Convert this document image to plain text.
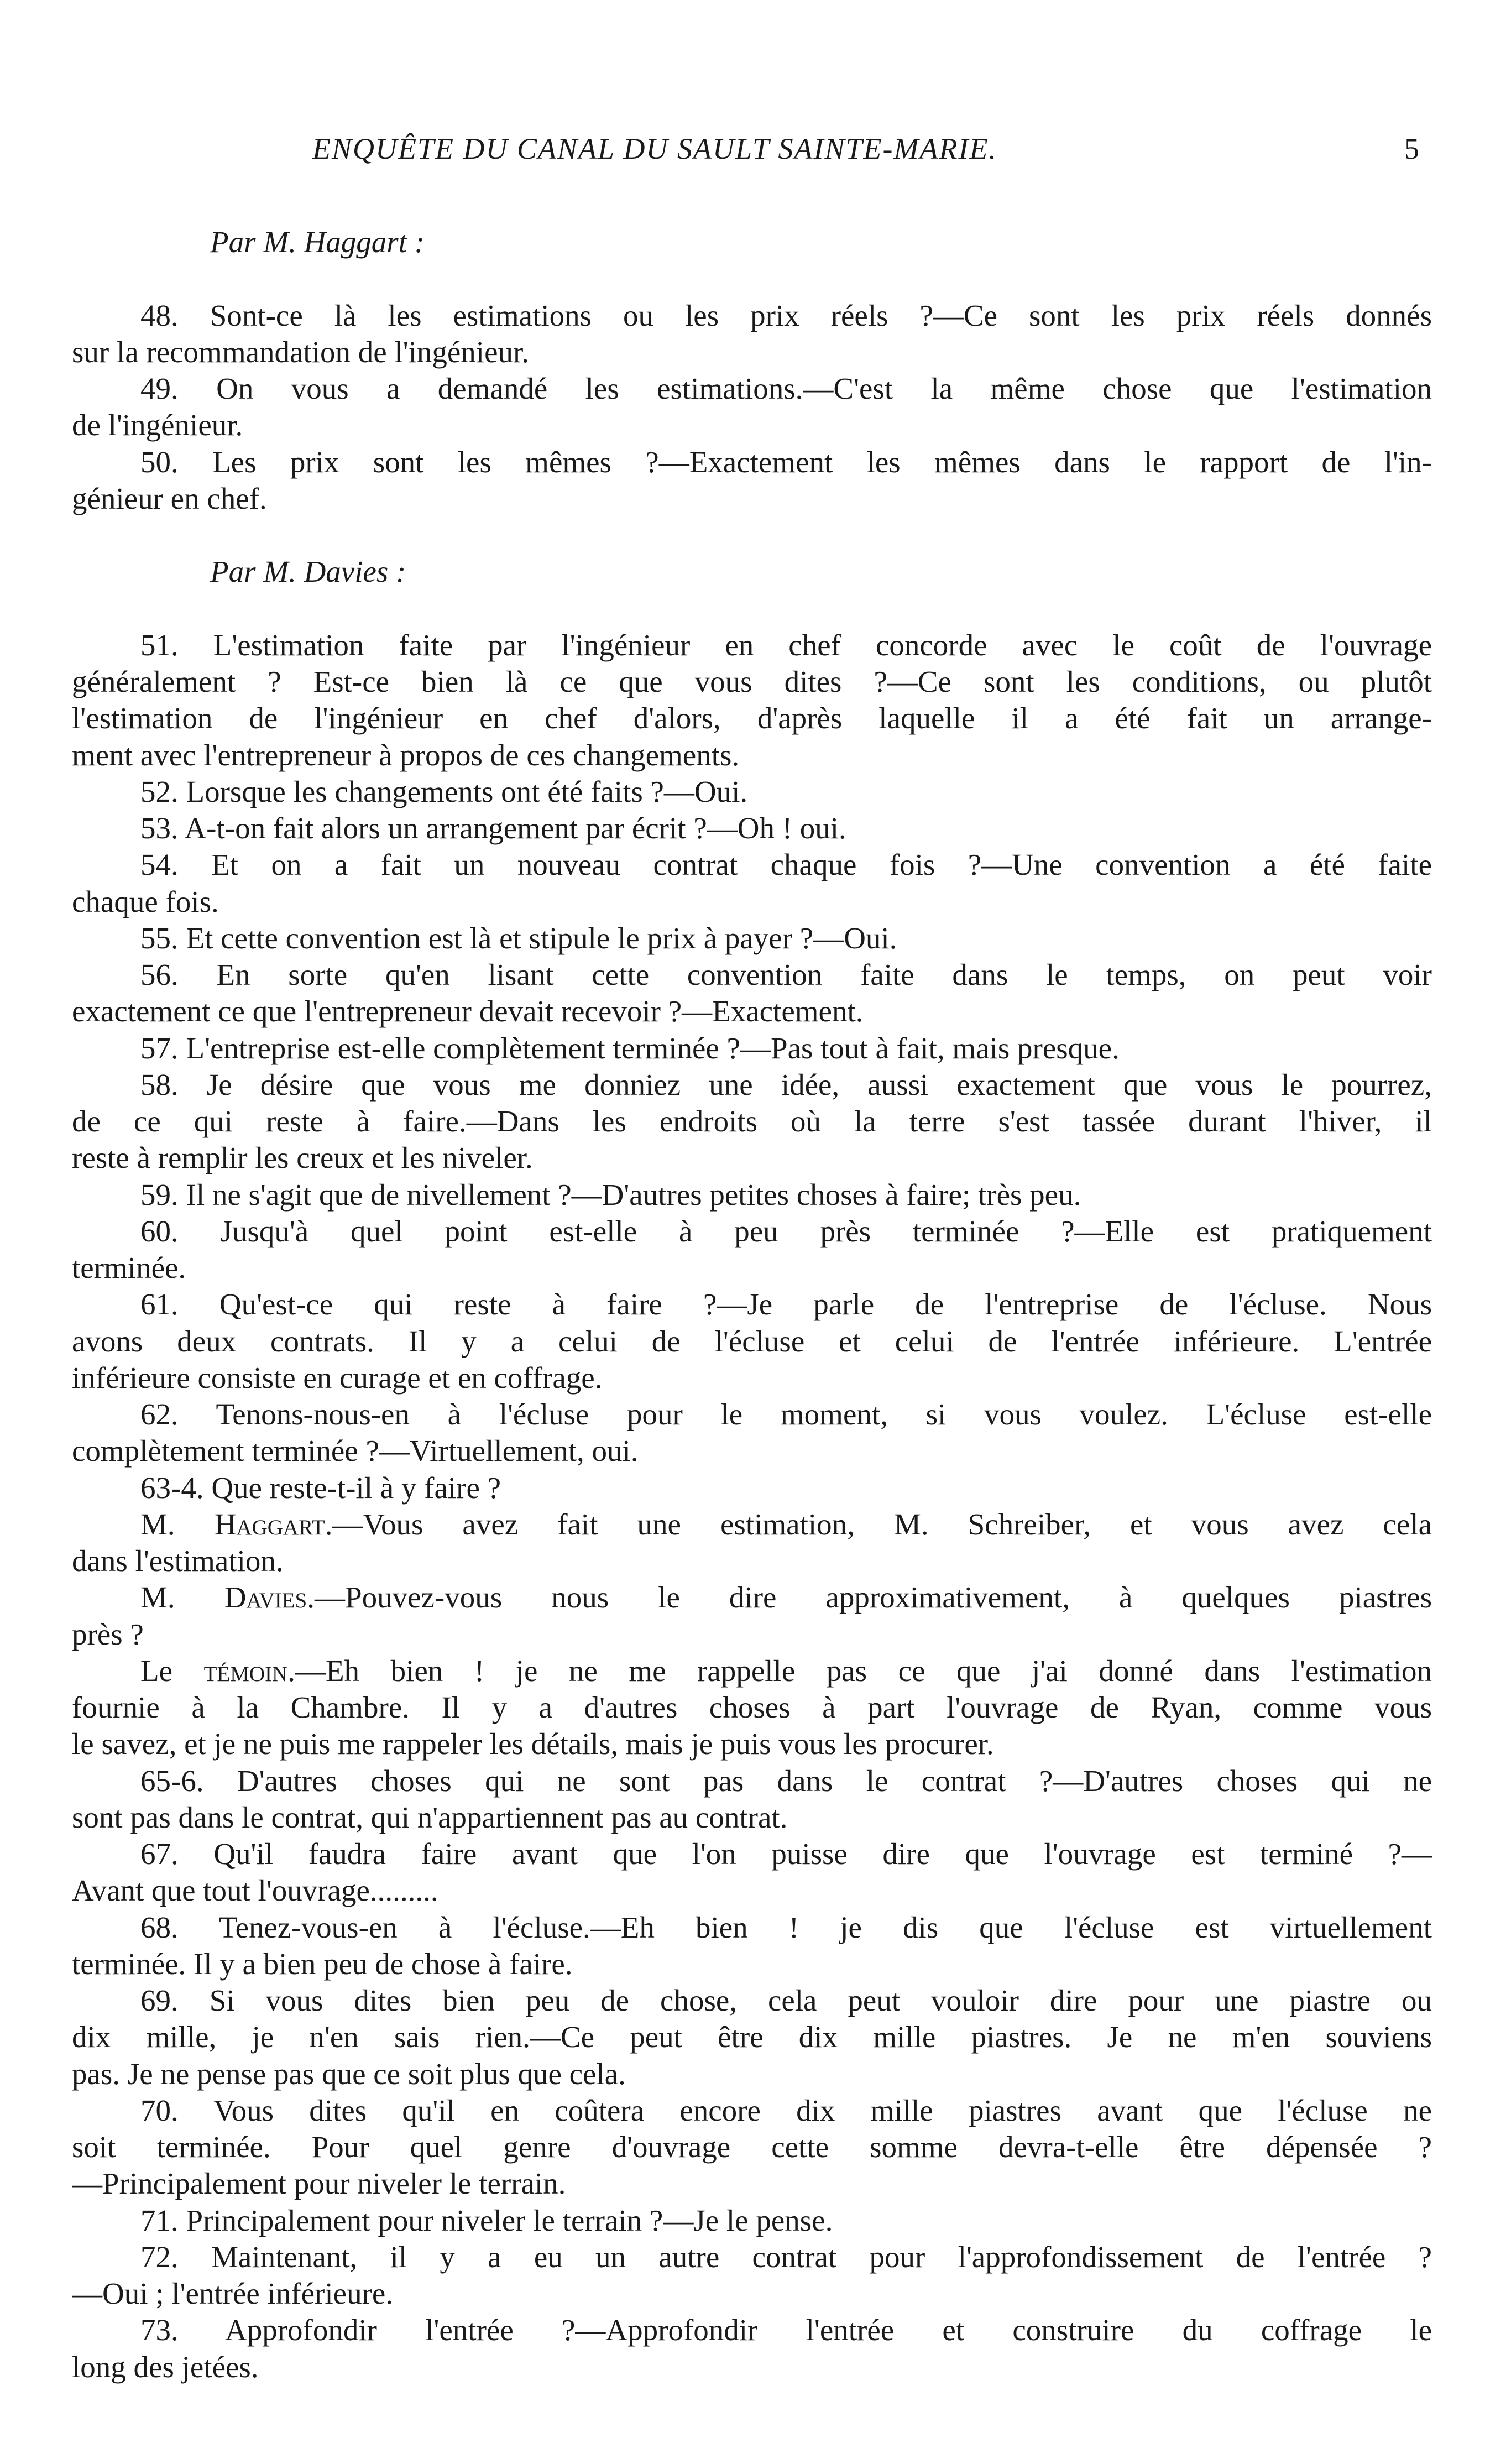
ENQUÊTE DU CANAL DU SAULT SAINTE-MARIE.	5
Par M. Haggart :
48. Sont-ce là les estimations ou les prix réels ?—Ce sont les prix réels donnés
sur la recommandation de l'ingénieur.
49. On vous a demandé les estimations.—C'est la même chose que l'estimation
de l'ingénieur.
50. Les prix sont les mêmes ?—Exactement les mêmes dans le rapport de l'in-
génieur en chef.
Par M. Davies :
51. L'estimation faite par l'ingénieur en chef concorde avec le coût de l'ouvrage
généralement ? Est-ce bien là ce que vous dites ?—Ce sont les conditions, ou plutôt
l'estimation de l'ingénieur en chef d'alors, d'après laquelle il a été fait un arrange-
ment avec l'entrepreneur à propos de ces changements.
52. Lorsque les changements ont été faits ?—Oui.
53. A-t-on fait alors un arrangement par écrit ?—Oh ! oui.
54. Et on a fait un nouveau contrat chaque fois ?—Une convention a été faite
chaque fois.
55. Et cette convention est là et stipule le prix à payer ?—Oui.
56. En sorte qu'en lisant cette convention faite dans le temps, on peut voir
exactement ce que l'entrepreneur devait recevoir ?—Exactement.
57. L'entreprise est-elle complètement terminée ?—Pas tout à fait, mais presque.
58. Je désire que vous me donniez une idée, aussi exactement que vous le pourrez,
de ce qui reste à faire.—Dans les endroits où la terre s'est tassée durant l'hiver, il
reste à remplir les creux et les niveler.
59. Il ne s'agit que de nivellement ?—D'autres petites choses à faire; très peu.
60. Jusqu'à quel point est-elle à peu près terminée ?—Elle est pratiquement
terminée.
61. Qu'est-ce qui reste à faire ?—Je parle de l'entreprise de l'écluse. Nous
avons deux contrats. Il y a celui de l'écluse et celui de l'entrée inférieure. L'entrée
inférieure consiste en curage et en coffrage.
62. Tenons-nous-en à l'écluse pour le moment, si vous voulez. L'écluse est-elle
complètement terminée ?—Virtuellement, oui.
63-4. Que reste-t-il à y faire ?
M. Haggart.—Vous avez fait une estimation, M. Schreiber, et vous avez cela
dans l'estimation.
M. Davies.—Pouvez-vous nous le dire approximativement, à quelques piastres
près ?
Le témoin.—Eh bien ! je ne me rappelle pas ce que j'ai donné dans l'estimation
fournie à la Chambre. Il y a d'autres choses à part l'ouvrage de Ryan, comme vous
le savez, et je ne puis me rappeler les détails, mais je puis vous les procurer.
65-6. D'autres choses qui ne sont pas dans le contrat ?—D'autres choses qui ne
sont pas dans le contrat, qui n'appartiennent pas au contrat.
67. Qu'il faudra faire avant que l'on puisse dire que l'ouvrage est terminé ?—
Avant que tout l'ouvrage.........
68. Tenez-vous-en à l'écluse.—Eh bien ! je dis que l'écluse est virtuellement
terminée. Il y a bien peu de chose à faire.
69. Si vous dites bien peu de chose, cela peut vouloir dire pour une piastre ou
dix mille, je n'en sais rien.—Ce peut être dix mille piastres. Je ne m'en souviens
pas. Je ne pense pas que ce soit plus que cela.
70. Vous dites qu'il en coûtera encore dix mille piastres avant que l'écluse ne
soit terminée. Pour quel genre d'ouvrage cette somme devra-t-elle être dépensée ?
—Principalement pour niveler le terrain.
71. Principalement pour niveler le terrain ?—Je le pense.
72. Maintenant, il y a eu un autre contrat pour l'approfondissement de l'entrée ?
—Oui ; l'entrée inférieure.
73. Approfondir l'entrée ?—Approfondir l'entrée et construire du coffrage le
long des jetées.
